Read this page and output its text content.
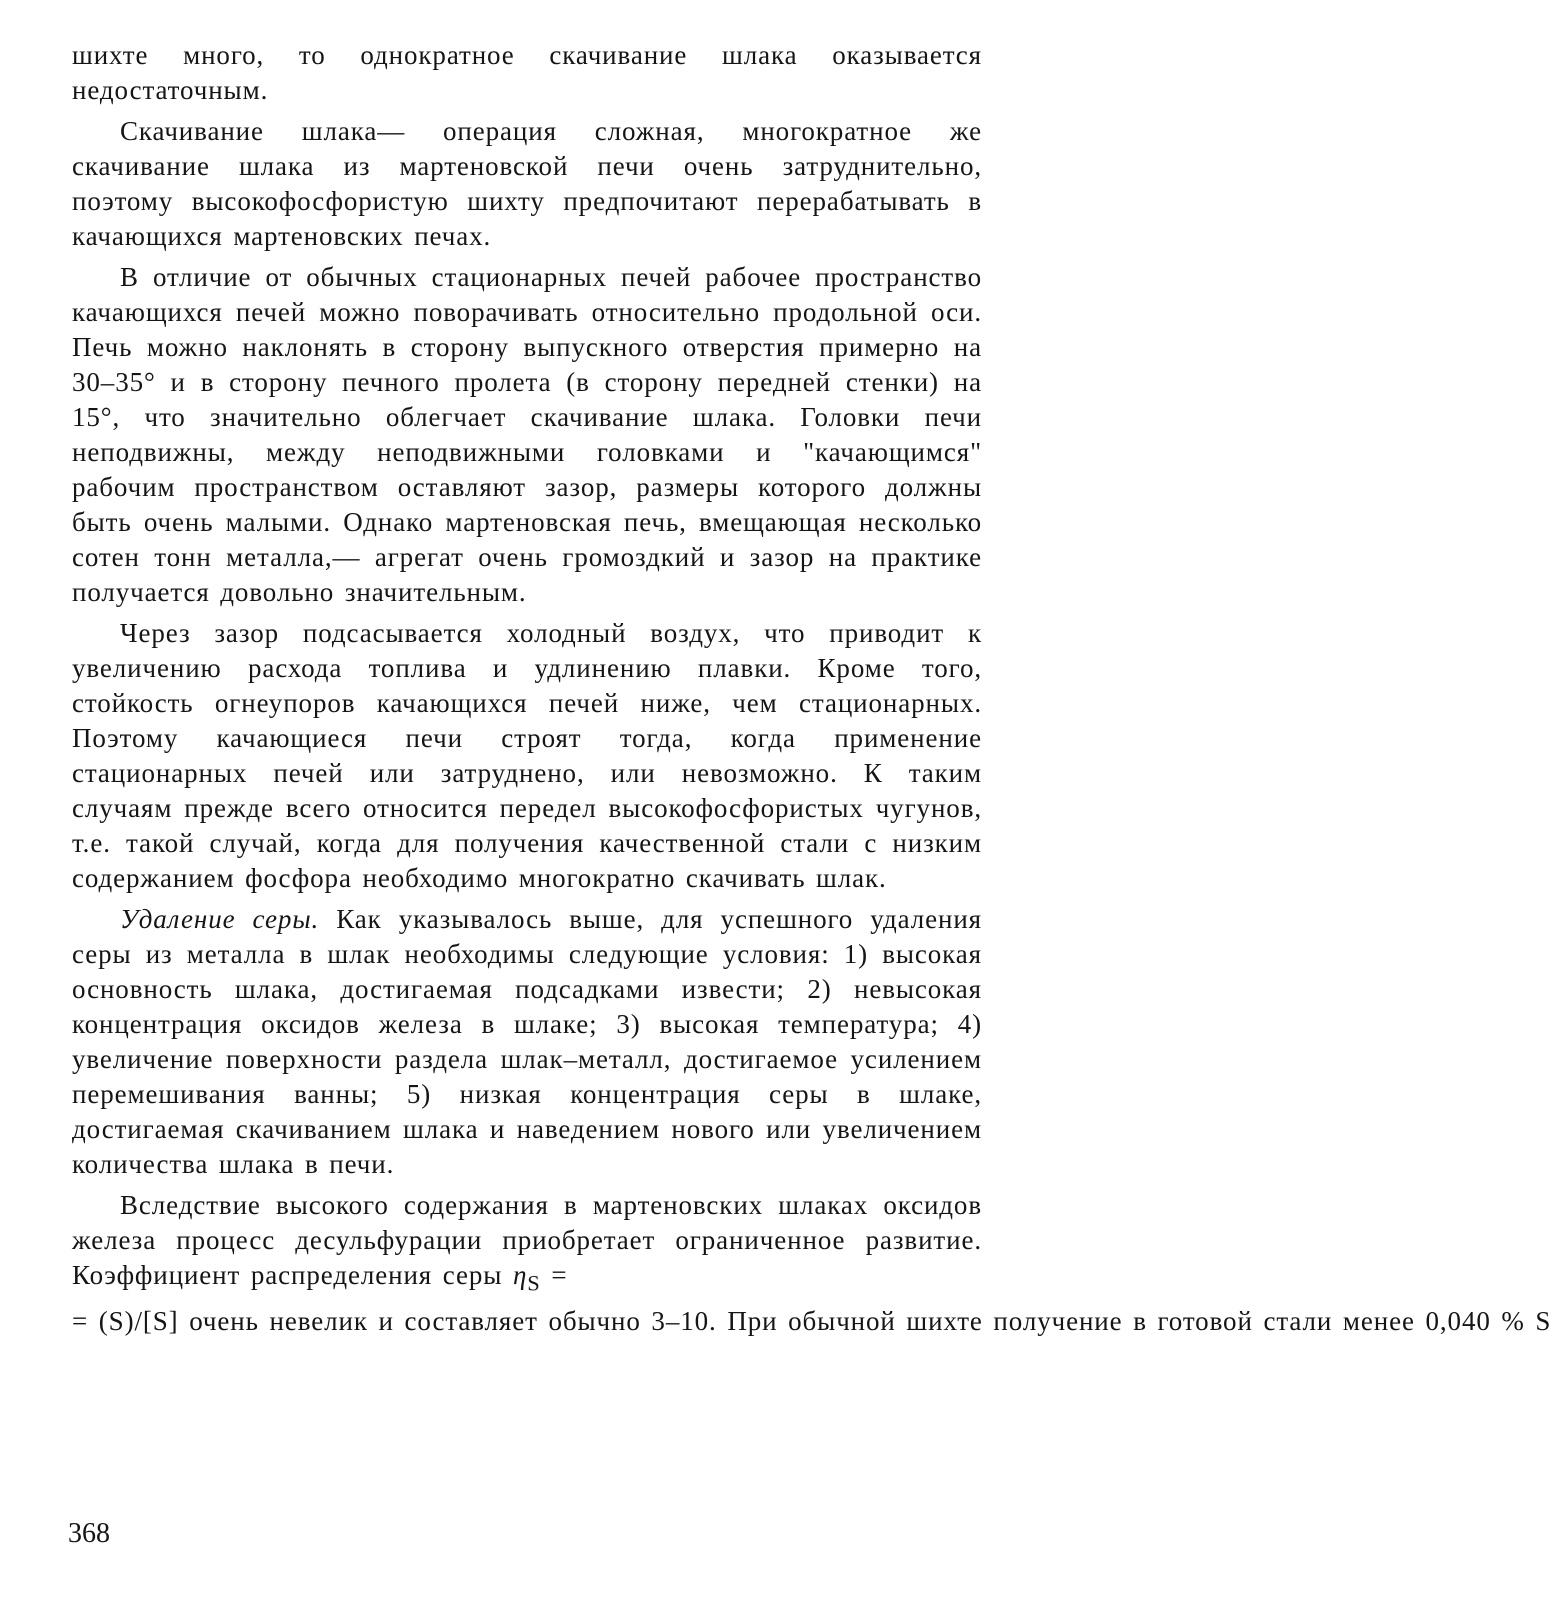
шихте много, то однократное скачивание шлака оказывается недостаточным.

Скачивание шлака— операция сложная, многократное же скачивание шлака из мартеновской печи очень затруднительно, поэтому высокофосфористую шихту предпочитают перерабатывать в качающихся мартеновских печах.

В отличие от обычных стационарных печей рабочее пространство качающихся печей можно поворачивать относительно продольной оси. Печь можно наклонять в сторону выпускного отверстия примерно на 30–35° и в сторону печного пролета (в сторону передней стенки) на 15°, что значительно облегчает скачивание шлака. Головки печи неподвижны, между неподвижными головками и "качающимся" рабочим пространством оставляют зазор, размеры которого должны быть очень малыми. Однако мартеновская печь, вмещающая несколько сотен тонн металла,— агрегат очень громоздкий и зазор на практике получается довольно значительным.

Через зазор подсасывается холодный воздух, что приводит к увеличению расхода топлива и удлинению плавки. Кроме того, стойкость огнеупоров качающихся печей ниже, чем стационарных. Поэтому качающиеся печи строят тогда, когда применение стационарных печей или затруднено, или невозможно. К таким случаям прежде всего относится передел высокофосфористых чугунов, т.е. такой случай, когда для получения качественной стали с низким содержанием фосфора необходимо многократно скачивать шлак.

Удаление серы. Как указывалось выше, для успешного удаления серы из металла в шлак необходимы следующие условия: 1) высокая основность шлака, достигаемая подсадками извести; 2) невысокая концентрация оксидов железа в шлаке; 3) высокая температура; 4) увеличение поверхности раздела шлак–металл, достигаемое усилением перемешивания ванны; 5) низкая концентрация серы в шлаке, достигаемая скачиванием шлака и наведением нового или увеличением количества шлака в печи.

Вследствие высокого содержания в мартеновских шлаках оксидов железа процесс десульфурации приобретает ограниченное развитие. Коэффициент распределения серы $\eta_S$ =

= (S)/[S] очень невелик и составляет обычно 3–10. При обычной шихте получение в готовой стали менее 0,040 % S

368
